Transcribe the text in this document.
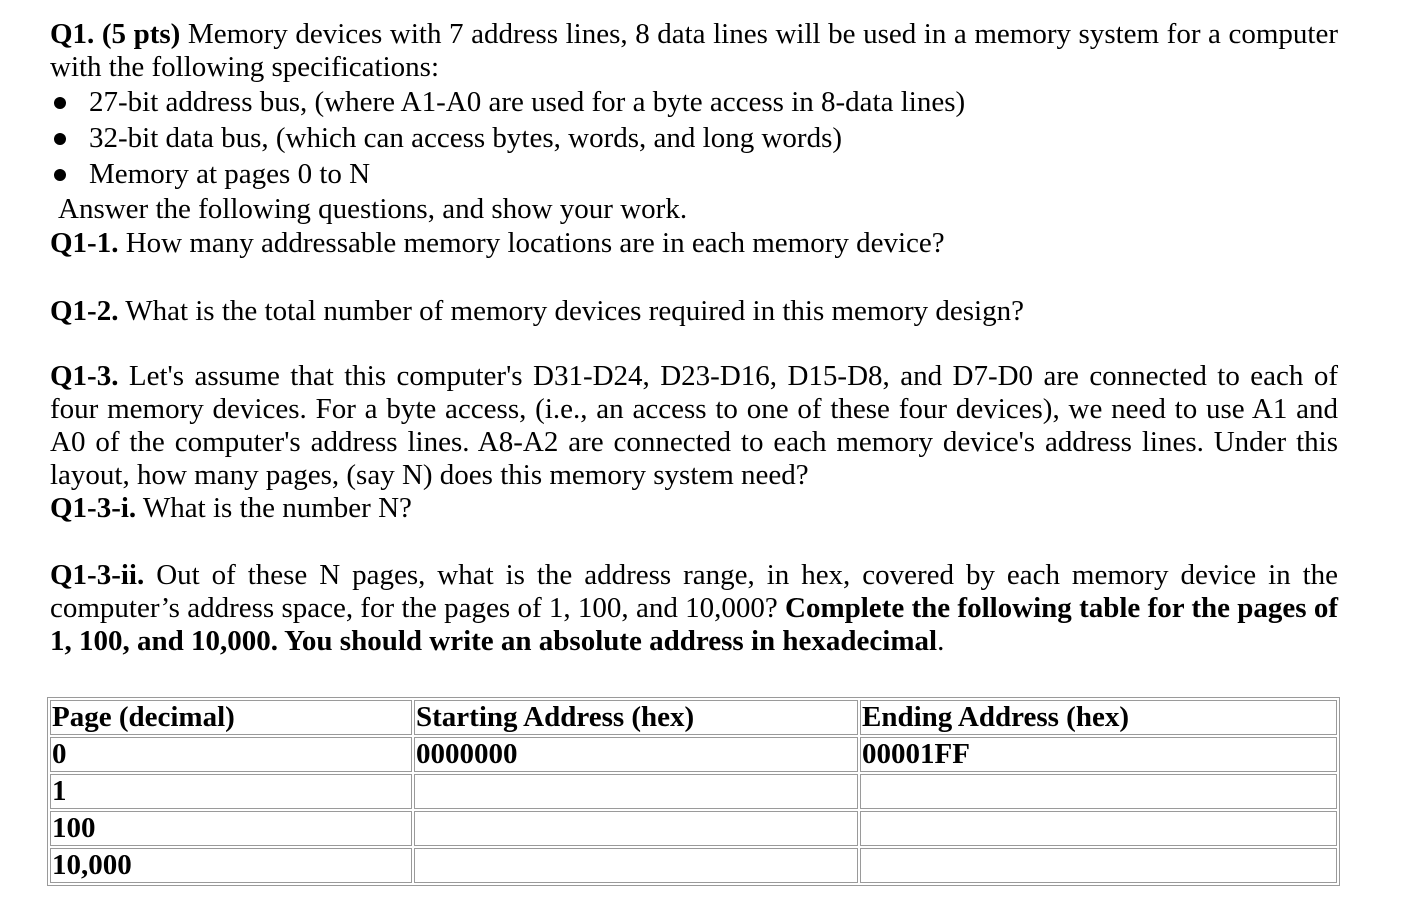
Q1. (5 pts) Memory devices with 7 address lines, 8 data lines will be used in a memory system for a computer with the following specifications:

27-bit address bus, (where A1-A0 are used for a byte access in 8-data lines)
32-bit data bus, (which can access bytes, words, and long words)
Memory at pages 0 to N

Answer the following questions, and show your work.

Q1-1. How many addressable memory locations are in each memory device?

Q1-2. What is the total number of memory devices required in this memory design?

Q1-3. Let's assume that this computer's D31-D24, D23-D16, D15-D8, and D7-D0 are connected to each of four memory devices. For a byte access, (i.e., an access to one of these four devices), we need to use A1 and A0 of the computer's address lines. A8-A2 are connected to each memory device's address lines. Under this layout, how many pages, (say N) does this memory system need?

Q1-3-i. What is the number N?

Q1-3-ii. Out of these N pages, what is the address range, in hex, covered by each memory device in the computer’s address space, for the pages of 1, 100, and 10,000? Complete the following table for the pages of 1, 100, and 10,000. You should write an absolute address in hexadecimal.

Page (decimal)	Starting Address (hex)	Ending Address (hex)
0	0000000	00001FF
1		
100		
10,000		
